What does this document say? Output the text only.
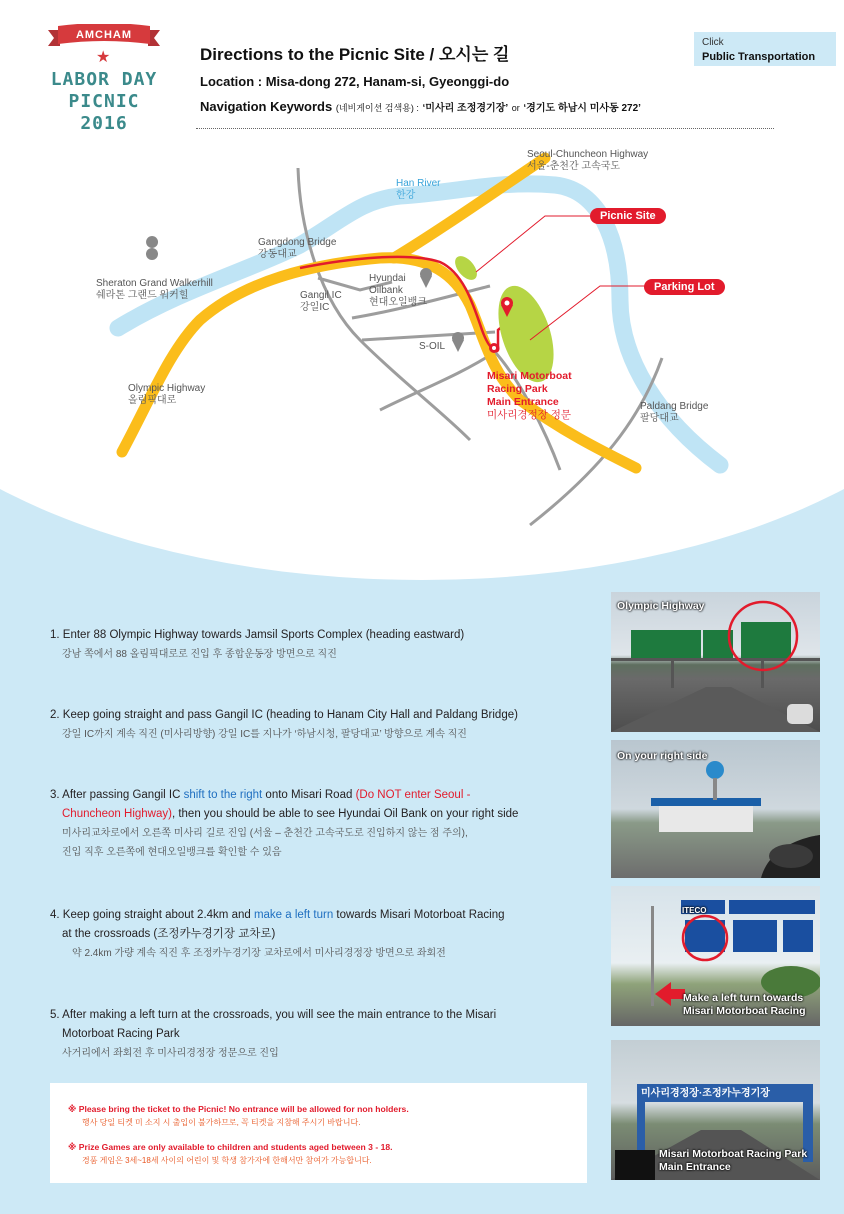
AMCHAM
★
LABOR DAY
PICNIC
2016
Directions to the Picnic Site / 오시는 길
Location : Misa-dong 272, Hanam-si, Gyeonggi-do
Navigation Keywords (네비게이션 검색용) : ‘미사리 조정경기장’ or ‘경기도 하남시 미사동 272’
Click
Public Transportation
Seoul-Chuncheon Highway
서울-춘천간 고속국도
Han River
한강
Gangdong Bridge
강동대교
Sheraton Grand Walkerhill
쉐라톤 그랜드 워커힐	Gangil IC
강일IC
Hyundai
Oilbank
현대오일뱅크
S-OIL
Olympic Highway
올림픽대로
Misari Motorboat
Racing Park
Main Entrance
미사리경정장 정문
Paldang Bridge
팔당대교
Picnic Site
Parking Lot
1. Enter 88 Olympic Highway towards Jamsil Sports Complex (heading eastward)
강남 쪽에서 88 올림픽대로로 진입 후 종합운동장 방면으로 직진
2. Keep going straight and pass Gangil IC (heading to Hanam City Hall and Paldang Bridge)
강일 IC까지 계속 직진 (미사리방향) 강일 IC를 지나가 ‘하남시청, 팔당대교’ 방향으로 계속 직진
3. After passing Gangil IC shift to the right onto Misari Road (Do NOT enter Seoul -
Chuncheon Highway), then you should be able to see Hyundai Oil Bank on your right side
미사리교차로에서 오른쪽 미사리 길로 진입 (서울 – 춘천간 고속국도로 진입하지 않는 점 주의),
진입 직후 오른쪽에 현대오일뱅크를 확인할 수 있음
4. Keep going straight about 2.4km and make a left turn towards Misari Motorboat Racing
at the crossroads (조정카누경기장 교차로)
약 2.4km 가량 계속 직진 후 조정카누경기장 교차로에서 미사리경정장 방면으로 좌회전
5. After making a left turn at the crossroads, you will see the main entrance to the Misari
Motorboat Racing Park
사거리에서 좌회전 후 미사리경정장 정문으로 진입
Olympic Highway
On your right side
ITECO
Make a left turn towards
Misari Motorboat Racing
미사리경정장·조정카누경기장
Misari Motorboat Racing Park
Main Entrance
※ Please bring the ticket to the Picnic! No entrance will be allowed for non holders.
행사 당일 티켓 미 소지 시 출입이 불가하므로, 꼭 티켓을 지참해 주시기 바랍니다.
※ Prize Games are only available to children and students aged between 3 - 18.
경품 게임은 3세~18세 사이의 어린이 및 학생 참가자에 한해서만 참여가 가능합니다.
